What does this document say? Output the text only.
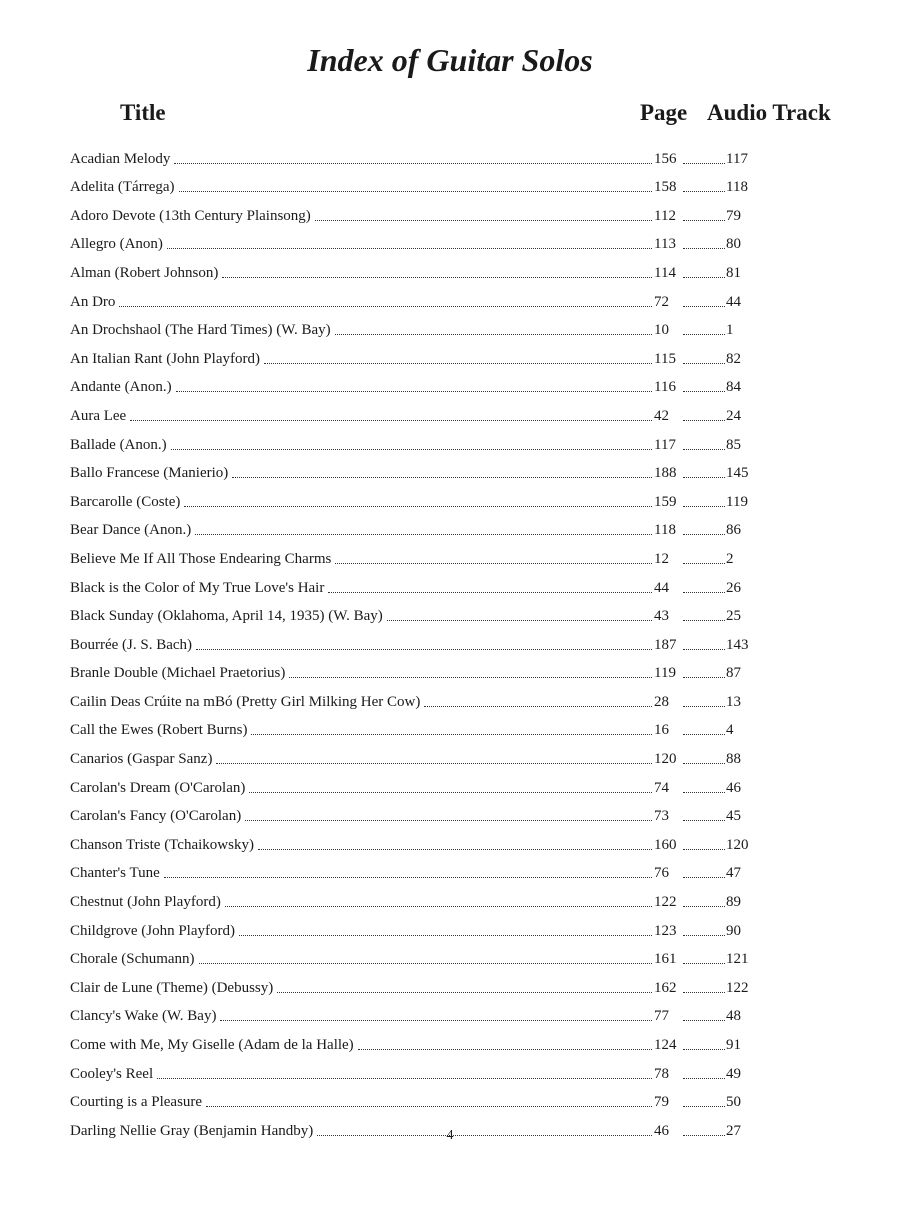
Index of Guitar Solos
Title	Page Audio Track
Acadian Melody	156	117
Adelita (Tárrega)	158	118
Adoro Devote (13th Century Plainsong)	112	79
Allegro (Anon)	113	80
Alman (Robert Johnson)	114	81
An Dro	72	44
An Drochshaol (The Hard Times) (W. Bay)	10	1
An Italian Rant (John Playford)	115	82
Andante (Anon.)	116	84
Aura Lee	42	24
Ballade (Anon.)	117	85
Ballo Francese (Manierio)	188	145
Barcarolle (Coste)	159	119
Bear Dance (Anon.)	118	86
Believe Me If All Those Endearing Charms	12	2
Black is the Color of My True Love's Hair	44	26
Black Sunday (Oklahoma, April 14, 1935) (W. Bay)	43	25
Bourrée (J. S. Bach)	187	143
Branle Double (Michael Praetorius)	119	87
Cailin Deas Crúite na mBó (Pretty Girl Milking Her Cow)	28	13
Call the Ewes (Robert Burns)	16	4
Canarios (Gaspar Sanz)	120	88
Carolan's Dream (O'Carolan)	74	46
Carolan's Fancy (O'Carolan)	73	45
Chanson Triste (Tchaikowsky)	160	120
Chanter's Tune	76	47
Chestnut (John Playford)	122	89
Childgrove (John Playford)	123	90
Chorale (Schumann)	161	121
Clair de Lune (Theme) (Debussy)	162	122
Clancy's Wake (W. Bay)	77	48
Come with Me, My Giselle (Adam de la Halle)	124	91
Cooley's Reel	78	49
Courting is a Pleasure	79	50
Darling Nellie Gray (Benjamin Handby)	46	27
4
